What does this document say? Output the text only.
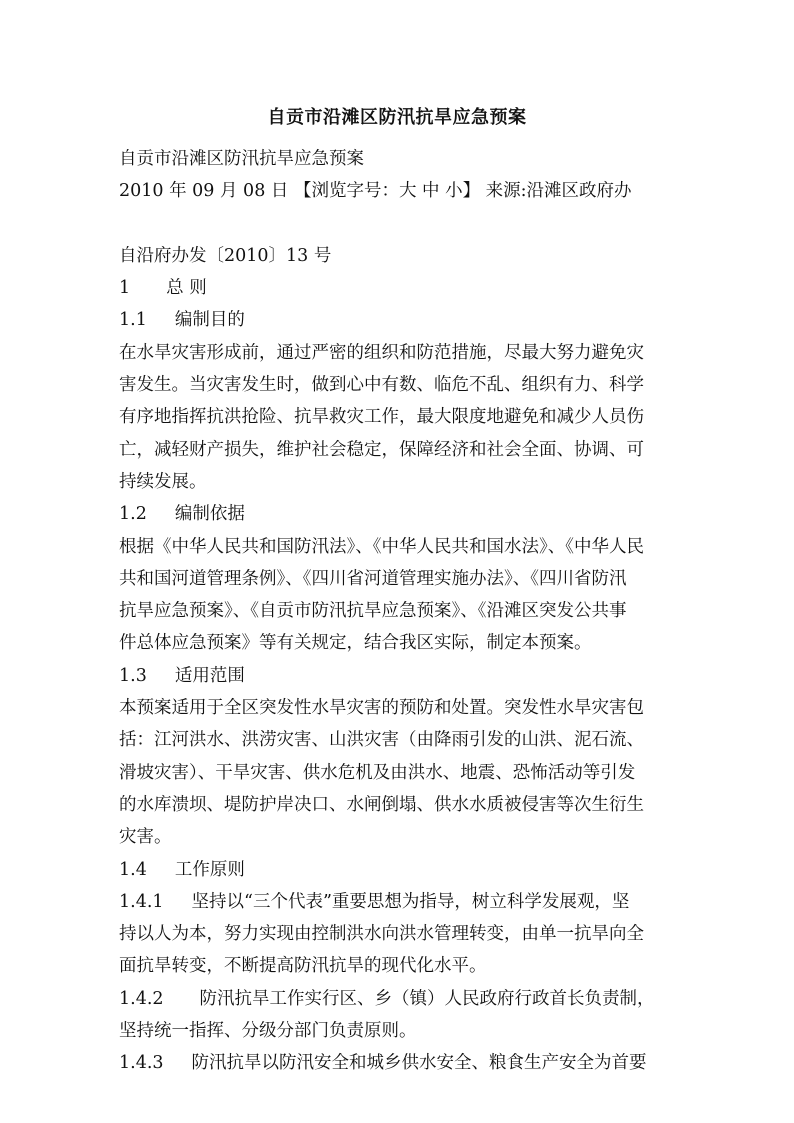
自贡市沿滩区防汛抗旱应急预案
自贡市沿滩区防汛抗旱应急预案
2010 年 09 月 08 日 【浏览字号：大 中 小】 来源:沿滩区政府办
自沿府办发〔2010〕13 号
1 总 则
1.1 编制目的
在水旱灾害形成前，通过严密的组织和防范措施，尽最大努力避免灾
害发生。当灾害发生时，做到心中有数、临危不乱、组织有力、科学
有序地指挥抗洪抢险、抗旱救灾工作，最大限度地避免和减少人员伤
亡，减轻财产损失，维护社会稳定，保障经济和社会全面、协调、可
持续发展。
1.2 编制依据
根据《中华人民共和国防汛法》、《中华人民共和国水法》、《中华人民
共和国河道管理条例》、《四川省河道管理实施办法》、《四川省防汛
抗旱应急预案》、《自贡市防汛抗旱应急预案》、《沿滩区突发公共事
件总体应急预案》等有关规定，结合我区实际，制定本预案。
1.3 适用范围
本预案适用于全区突发性水旱灾害的预防和处置。突发性水旱灾害包
括：江河洪水、洪涝灾害、山洪灾害（由降雨引发的山洪、泥石流、
滑坡灾害）、干旱灾害、供水危机及由洪水、地震、恐怖活动等引发
的水库溃坝、堤防护岸决口、水闸倒塌、供水水质被侵害等次生衍生
灾害。
1.4 工作原则
1.4.1 坚持以“三个代表”重要思想为指导，树立科学发展观，坚
持以人为本，努力实现由控制洪水向洪水管理转变，由单一抗旱向全
面抗旱转变，不断提高防汛抗旱的现代化水平。
1.4.2 防汛抗旱工作实行区、乡（镇）人民政府行政首长负责制，
坚持统一指挥、分级分部门负责原则。
1.4.3 防汛抗旱以防汛安全和城乡供水安全、粮食生产安全为首要
